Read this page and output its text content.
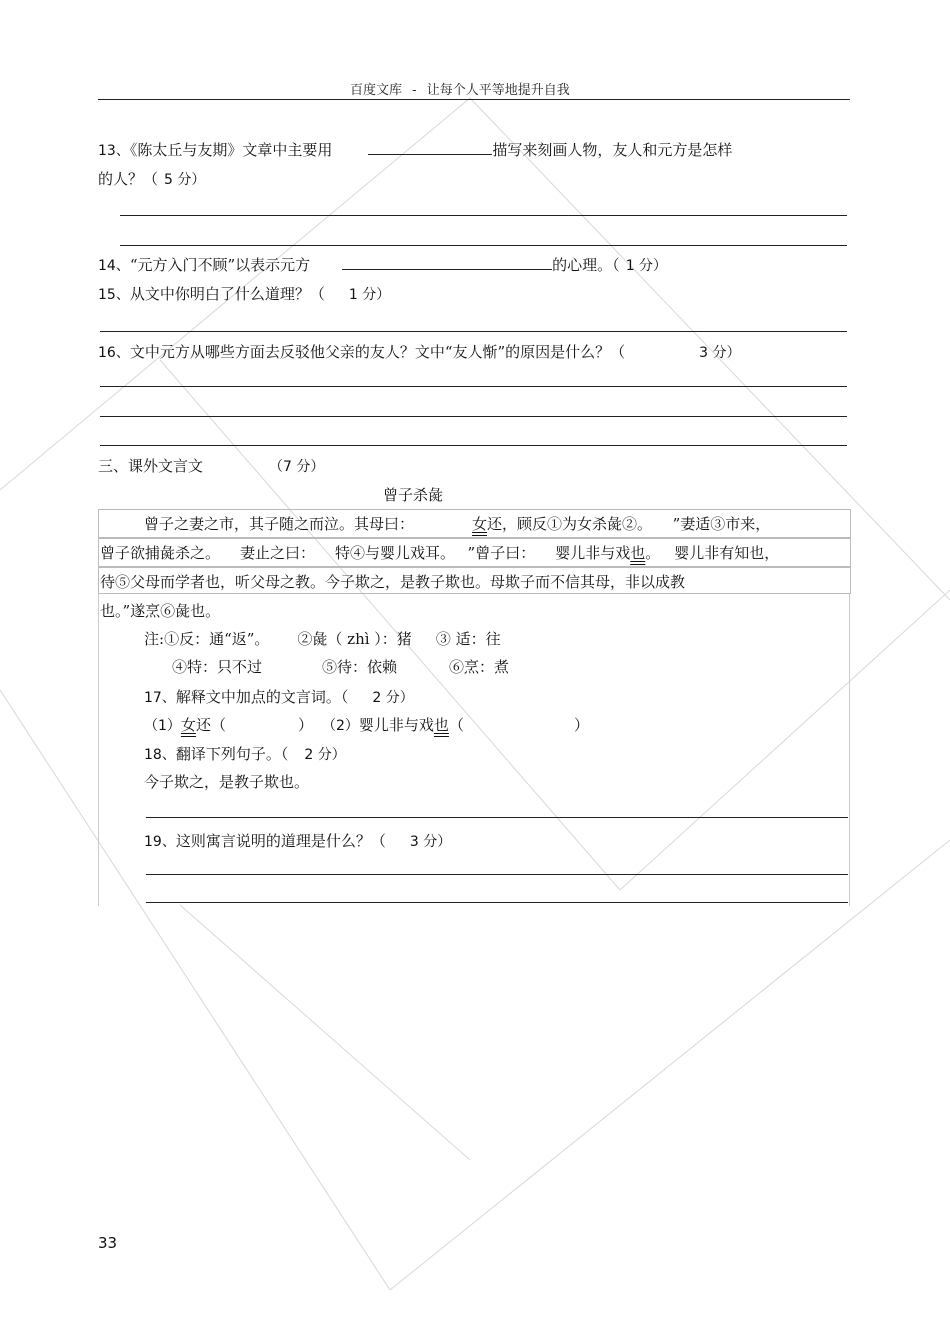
百度文库 - 让每个人平等地提升自我
13、《陈太丘与友期》文章中主要用	描写来刻画人物，友人和元方是怎样
的人？（ 5 分）
14、“元方入门不顾”以表示元方	的心理。（ 1 分）
15、从文中你明白了什么道理？（ 1 分）
16、文中元方从哪些方面去反驳他父亲的友人？文中“友人惭”的原因是什么？（	3 分）
三、课外文言文	（7 分）
曾子杀彘
曾子之妻之市，其子随之而泣。其母曰：	女还，顾反①为女杀彘②。 ”妻适③市来，
曾子欲捕彘杀之。 妻止之曰： 特④与婴儿戏耳。 ”曾子曰： 婴儿非与戏也。 婴儿非有知也，
待⑤父母而学者也，听父母之教。今子欺之，是教子欺也。母欺子而不信其母，非以成教
也。”遂烹⑥彘也。
注:①反：通“返”。 ②彘（ zhì ）：猪 ③ 适：往
④特：只不过	⑤待：依赖	⑥烹：煮
17、解释文中加点的文言词。（ 2 分）
（1）女还（	） （2）婴儿非与戏也（	）
18、翻译下列句子。（ 2 分）
今子欺之，是教子欺也。
19、这则寓言说明的道理是什么？（ 3 分）
33
